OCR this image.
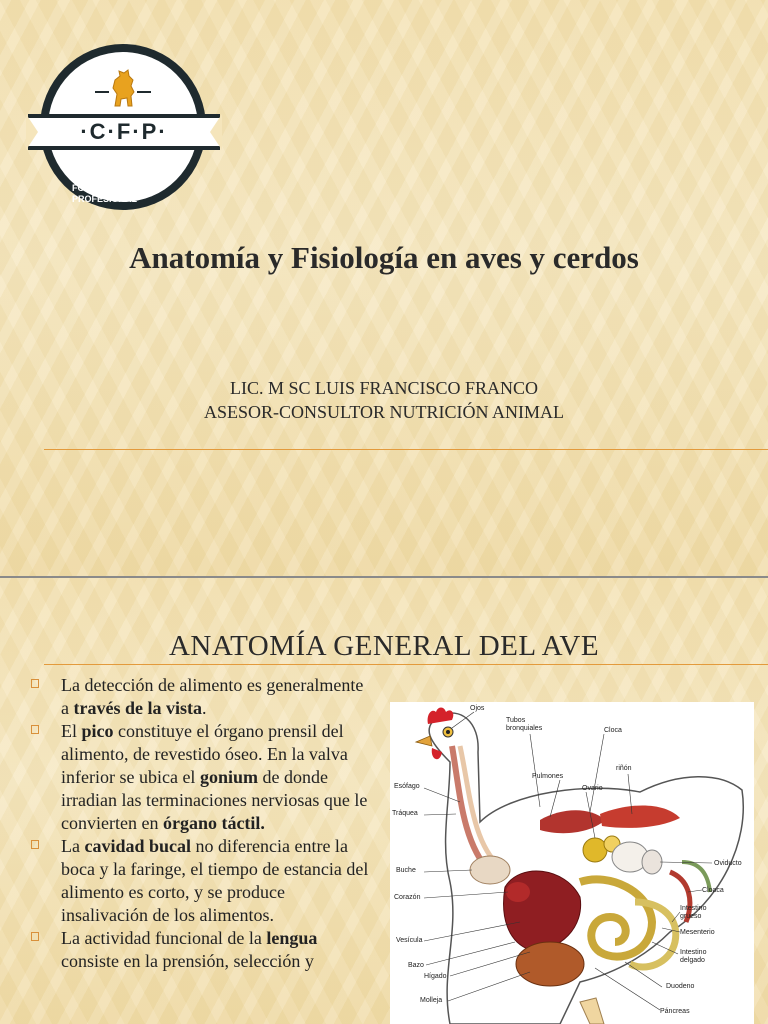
·C·F·P·
CENTRO DE FORMACIÓN PROFESIONAL
Anatomía y Fisiología en aves y cerdos
LIC. M SC LUIS FRANCISCO FRANCO
ASESOR-CONSULTOR NUTRICIÓN ANIMAL
ANATOMÍA GENERAL DEL AVE
La detección de alimento es generalmente a través de la vista.
El pico constituye el órgano prensil del alimento, de revestido óseo. En la valva inferior se ubica el gonium de donde irradian las terminaciones nerviosas que le convierten en órgano táctil.
La cavidad bucal no diferencia entre la boca y la faringe, el tiempo de estancia del alimento es corto, y se produce insalivación de los alimentos.
La actividad funcional de la lengua consiste en la prensión, selección y
Ojos
Tubos
bronquiales	Cloca
Pulmones
riñón
Ovario
Esófago
Tráquea
Oviducto
Buche
Cloaca
Corazón
Intestino
grueso
Mesenterio
Vesícula
Intestino
delgado
Bazo
Hígado
Duodeno
Molleja
Páncreas
